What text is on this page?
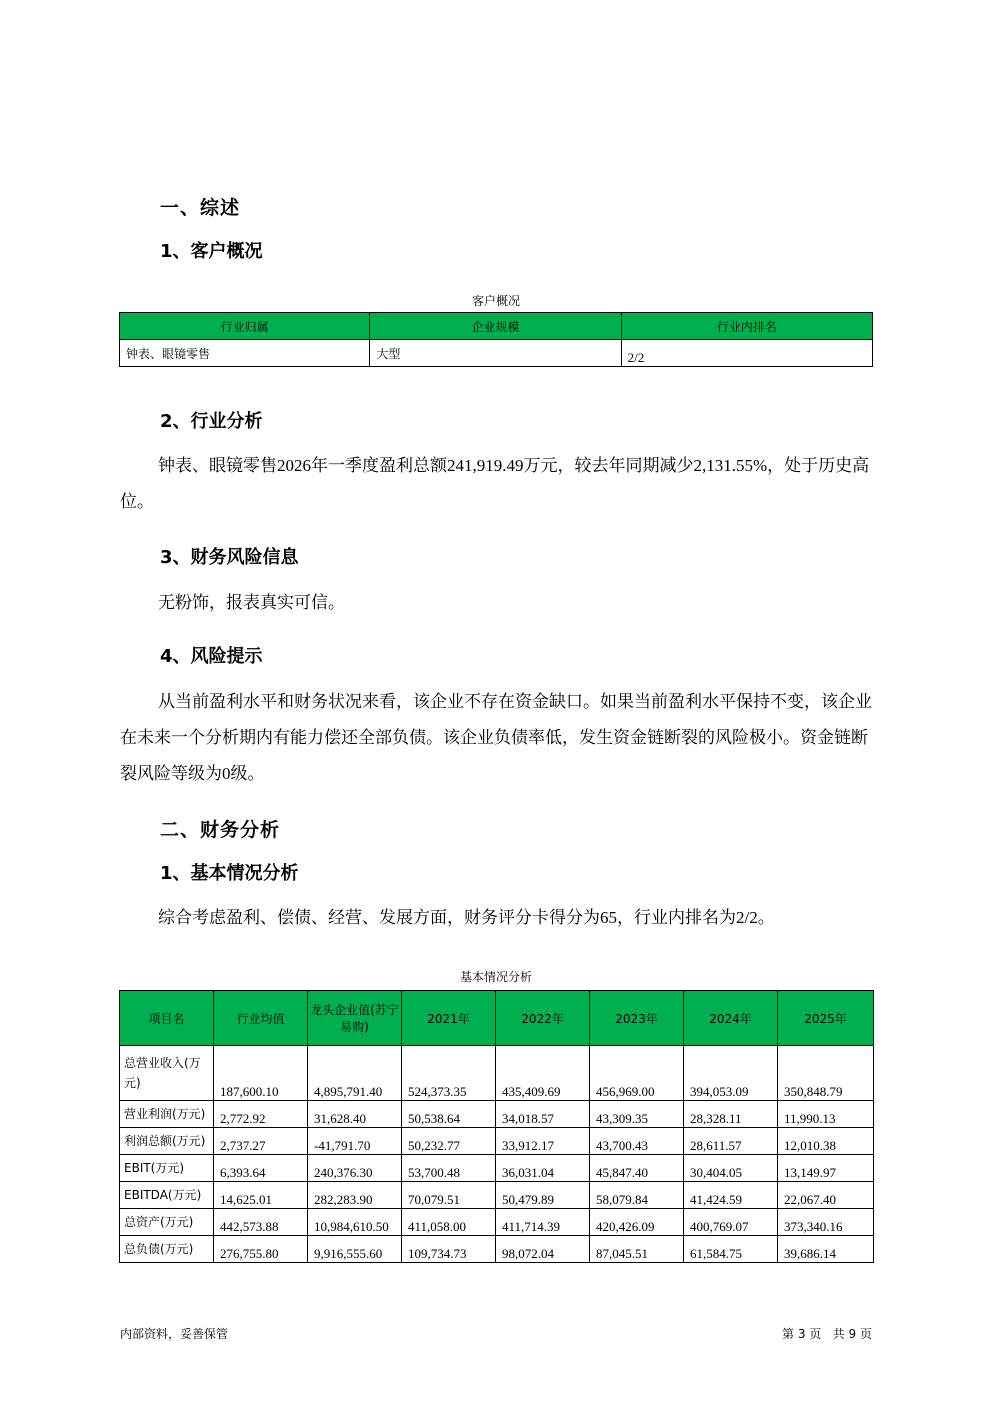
一、综述
1、客户概况
客户概况
行业归属	企业规模	行业内排名
钟表、眼镜零售	大型	2/2
2、行业分析
钟表、眼镜零售2026年一季度盈利总额241,919.49万元，较去年同期减少2,131.55%，处于历史高位。
3、财务风险信息
无粉饰，报表真实可信。
4、风险提示
从当前盈利水平和财务状况来看，该企业不存在资金缺口。如果当前盈利水平保持不变，该企业在未来一个分析期内有能力偿还全部负债。该企业负债率低，发生资金链断裂的风险极小。资金链断裂风险等级为0级。
二、财务分析
1、基本情况分析
综合考虑盈利、偿债、经营、发展方面，财务评分卡得分为65，行业内排名为2/2。
基本情况分析
项目名	行业均值	龙头企业值(苏宁易购)	2021年	2022年	2023年	2024年	2025年
总营业收入(万元)	187,600.10	4,895,791.40	524,373.35	435,409.69	456,969.00	394,053.09	350,848.79
营业利润(万元)	2,772.92	31,628.40	50,538.64	34,018.57	43,309.35	28,328.11	11,990.13
利润总额(万元)	2,737.27	-41,791.70	50,232.77	33,912.17	43,700.43	28,611.57	12,010.38
EBIT(万元)	6,393.64	240,376.30	53,700.48	36,031.04	45,847.40	30,404.05	13,149.97
EBITDA(万元)	14,625.01	282,283.90	70,079.51	50,479.89	58,079.84	41,424.59	22,067.40
总资产(万元)	442,573.88	10,984,610.50	411,058.00	411,714.39	420,426.09	400,769.07	373,340.16
总负债(万元)	276,755.80	9,916,555.60	109,734.73	98,072.04	87,045.51	61,584.75	39,686.14
内部资料，妥善保管	第 3 页   共 9 页
